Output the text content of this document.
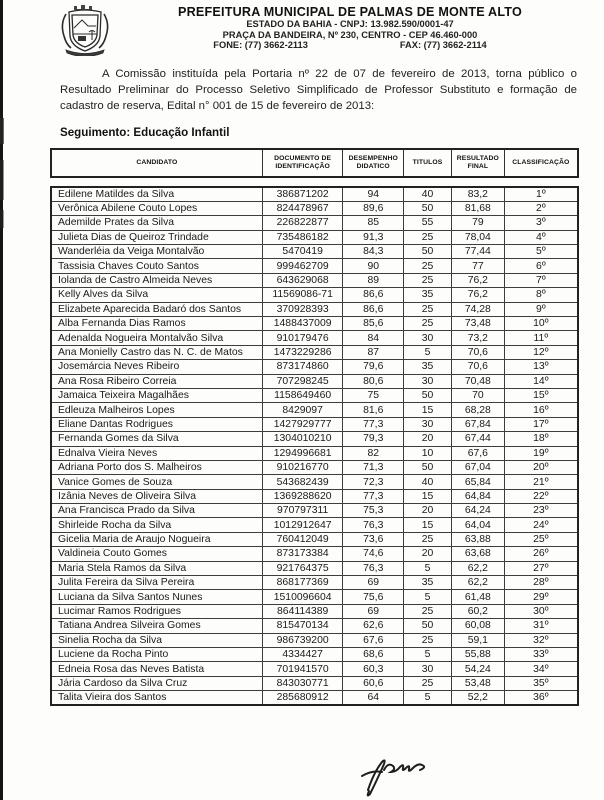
PREFEITURA MUNICIPAL DE PALMAS DE MONTE ALTO
ESTADO DA BAHIA - CNPJ: 13.982.590/0001-47
PRAÇA DA BANDEIRA, Nº 230, CENTRO - CEP 46.460-000
FONE: (77) 3662-2113	FAX: (77) 3662-2114

A Comissão instituída pela Portaria nº 22 de 07 de fevereiro de 2013, torna público o Resultado Preliminar do Processo Seletivo Simplificado de Professor Substituto e formação de cadastro de reserva, Edital n° 001 de 15 de fevereiro de 2013:

Seguimento: Educação Infantil

CANDIDATO	DOCUMENTO DE IDENTIFICAÇÃO	DESEMPENHO DIDATICO	TITULOS	RESULTADO FINAL	CLASSIFICAÇÃO
Edilene Matildes da Silva	386871202	94	40	83,2	1º
Verônica Abilene Couto Lopes	824478967	89,6	50	81,68	2º
Ademilde Prates da Silva	226822877	85	55	79	3º
Julieta Dias de Queiroz Trindade	735486182	91,3	25	78,04	4º
Wanderléia da Veiga Montalvão	5470419	84,3	50	77,44	5º
Tassisia Chaves Couto Santos	999462709	90	25	77	6º
Iolanda de Castro Almeida Neves	643629068	89	25	76,2	7º
Kelly Alves da Silva	11569086-71	86,6	35	76,2	8º
Elizabete Aparecida Badaró dos Santos	370928393	86,6	25	74,28	9º
Alba Fernanda Dias Ramos	1488437009	85,6	25	73,48	10º
Adenalda Nogueira Montalvão Silva	910179476	84	30	73,2	11º
Ana Monielly Castro das N. C. de Matos	1473229286	87	5	70,6	12º
Josemárcia Neves Ribeiro	873174860	79,6	35	70,6	13º
Ana Rosa Ribeiro Correia	707298245	80,6	30	70,48	14º
Jamaica Teixeira Magalhães	1158649460	75	50	70	15º
Edleuza Malheiros Lopes	8429097	81,6	15	68,28	16º
Eliane Dantas Rodrigues	1427929777	77,3	30	67,84	17º
Fernanda Gomes da Silva	1304010210	79,3	20	67,44	18º
Ednalva Vieira Neves	1294996681	82	10	67,6	19º
Adriana Porto dos S. Malheiros	910216770	71,3	50	67,04	20º
Vanice Gomes de Souza	543682439	72,3	40	65,84	21º
Izânia Neves de Oliveira Silva	1369288620	77,3	15	64,84	22º
Ana Francisca Prado da Silva	970797311	75,3	20	64,24	23º
Shirleide Rocha da Silva	1012912647	76,3	15	64,04	24º
Gicelia Maria de Araujo Nogueira	760412049	73,6	25	63,88	25º
Valdineia Couto Gomes	873173384	74,6	20	63,68	26º
Maria Stela Ramos da Silva	921764375	76,3	5	62,2	27º
Julita Fereira da Silva Pereira	868177369	69	35	62,2	28º
Luciana da Silva Santos Nunes	1510096604	75,6	5	61,48	29º
Lucimar Ramos Rodrigues	864114389	69	25	60,2	30º
Tatiana Andrea Silveira Gomes	815470134	62,6	50	60,08	31º
Sinelia Rocha da Silva	986739200	67,6	25	59,1	32º
Luciene da Rocha Pinto	4334427	68,6	5	55,88	33º
Edneia Rosa das Neves Batista	701941570	60,3	30	54,24	34º
Jária Cardoso da Silva Cruz	843030771	60,6	25	53,48	35º
Talita Vieira dos Santos	285680912	64	5	52,2	36º
